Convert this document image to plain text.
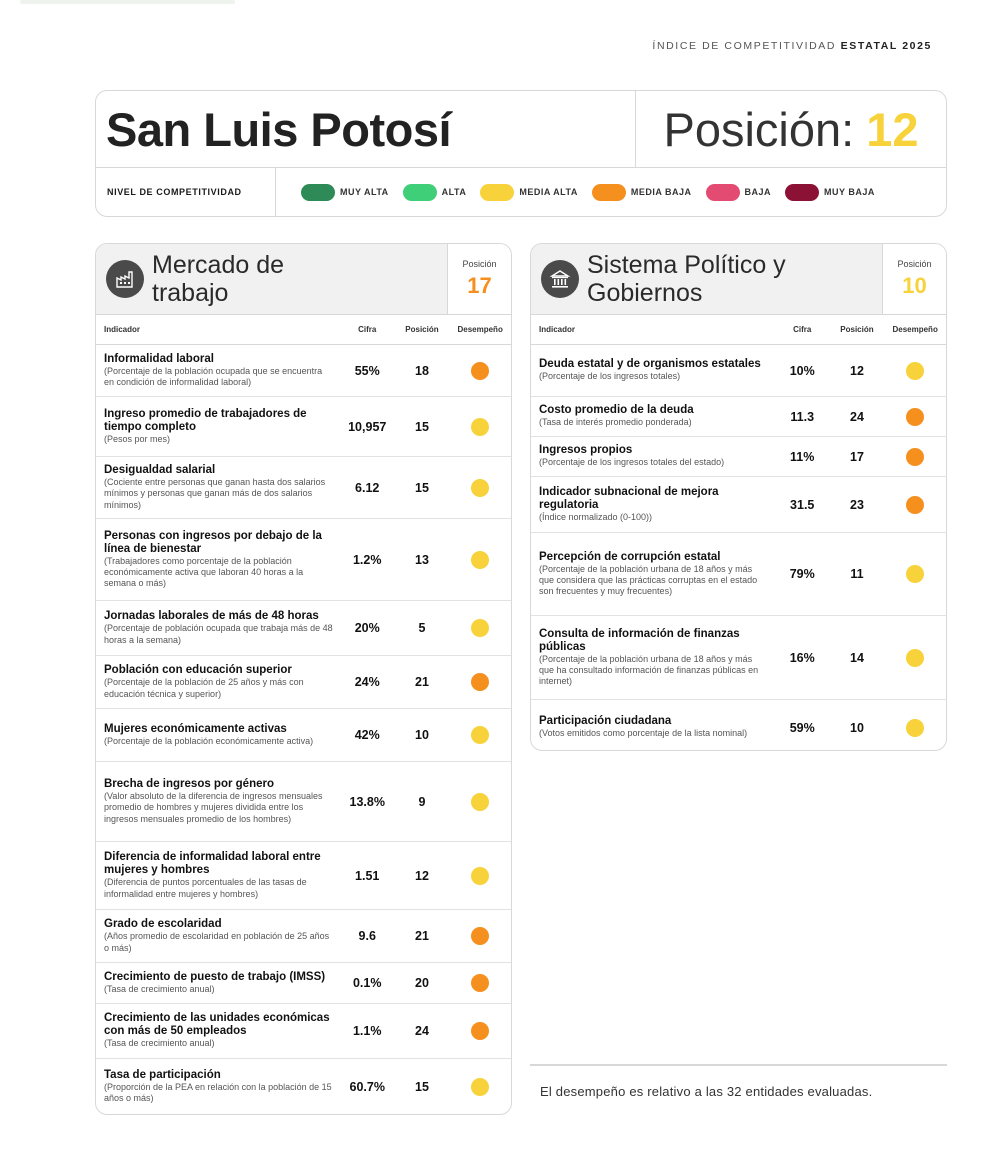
ÍNDICE DE COMPETITIVIDAD ESTATAL 2025
San Luis Potosí	Posición: 12
NIVEL DE COMPETITIVIDAD	MUY ALTA	ALTA	MEDIA ALTA	MEDIA BAJA	BAJA	MUY BAJA
Mercado de trabajo
Posición
17
Indicador	Cifra	Posición	Desempeño
Informalidad laboral
(Porcentaje de la población ocupada que se encuentra en condición de informalidad laboral)
55%	18
Ingreso promedio de trabajadores de tiempo completo
(Pesos por mes)
10,957	15
Desigualdad salarial
(Cociente entre personas que ganan hasta dos salarios mínimos y personas que ganan más de dos salarios mínimos)
6.12	15
Personas con ingresos por debajo de la línea de bienestar
(Trabajadores como porcentaje de la población económicamente activa que laboran 40 horas a la semana o más)
1.2%	13
Jornadas laborales de más de 48 horas
(Porcentaje de población ocupada que trabaja más de 48 horas a la semana)
20%	5
Población con educación superior
(Porcentaje de la población de 25 años y más con educación técnica y superior)
24%	21
Mujeres económicamente activas
(Porcentaje de la población económicamente activa)	42%	10
Brecha de ingresos por género
(Valor absoluto de la diferencia de ingresos mensuales promedio de hombres y mujeres dividida entre los ingresos mensuales promedio de los hombres)
13.8%	9
Diferencia de informalidad laboral entre mujeres y hombres
(Diferencia de puntos porcentuales de las tasas de informalidad entre mujeres y hombres)
1.51	12
Grado de escolaridad
(Años promedio de escolaridad en población de 25 años o más)
9.6	21
Crecimiento de puesto de trabajo (IMSS)
(Tasa de crecimiento anual)	0.1%	20
Crecimiento de las unidades económicas con más de 50 empleados
(Tasa de crecimiento anual)
1.1%	24
Tasa de participación
(Proporción de la PEA en relación con la población de 15 años o más)
60.7%	15
Sistema Político y Gobiernos
Posición
10
Indicador	Cifra	Posición	Desempeño
Deuda estatal y de organismos estatales
(Porcentaje de los ingresos totales)	10%	12
Costo promedio de la deuda
(Tasa de interés promedio ponderada)	11.3	24
Ingresos propios
(Porcentaje de los ingresos totales del estado)	11%	17
Indicador subnacional de mejora regulatoria
(Índice normalizado (0-100))
31.5	23
Percepción de corrupción estatal
(Porcentaje de la población urbana de 18 años y más que considera que las prácticas corruptas en el estado son frecuentes y muy frecuentes)
79%	11
Consulta de información de finanzas públicas
(Porcentaje de la población urbana de 18 años y más que ha consultado información de finanzas públicas en internet)
16%	14
Participación ciudadana
(Votos emitidos como porcentaje de la lista nominal)	59%	10
El desempeño es relativo a las 32 entidades evaluadas.
